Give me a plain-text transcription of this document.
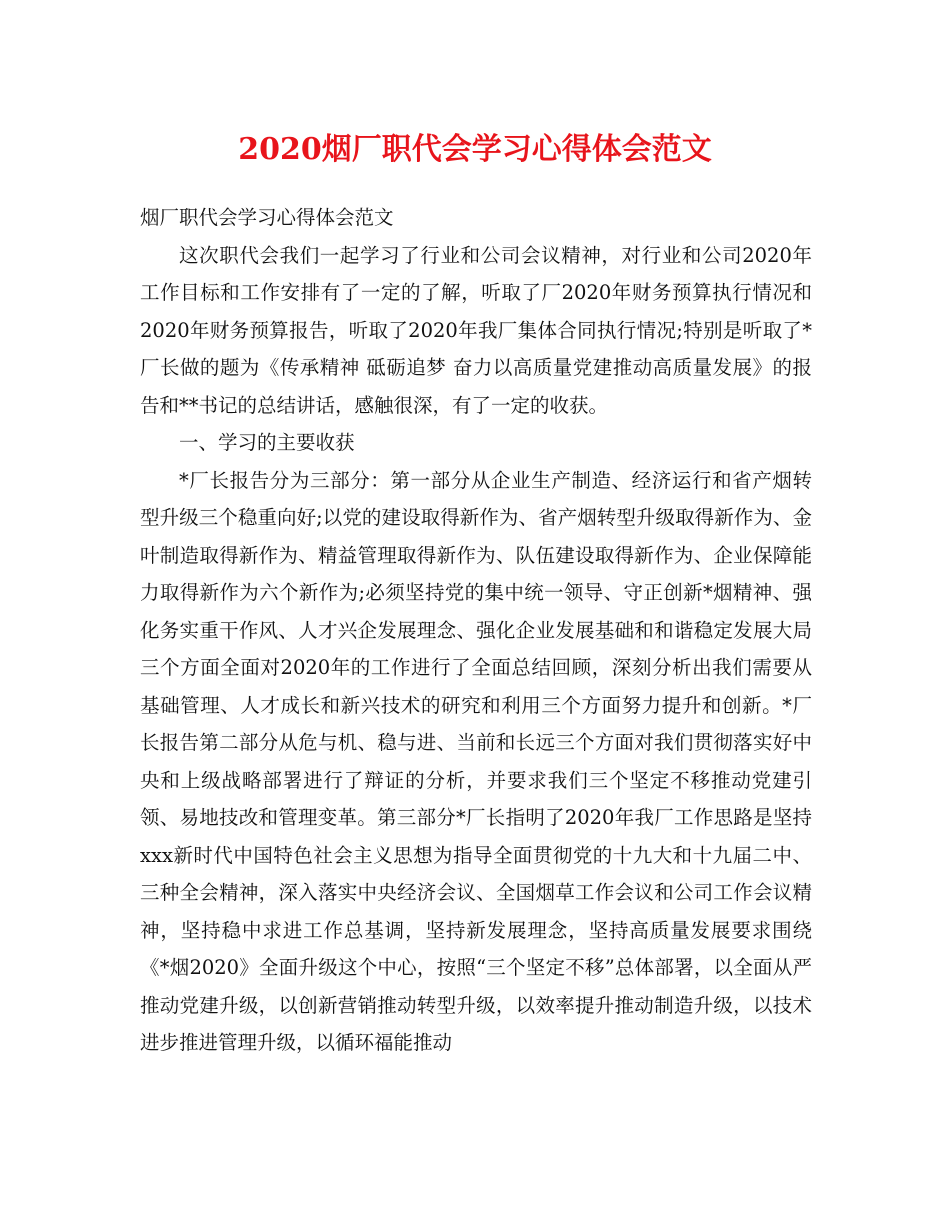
2020烟厂职代会学习心得体会范文

烟厂职代会学习心得体会范文

这次职代会我们一起学习了行业和公司会议精神，对行业和公司2020年工作目标和工作安排有了一定的了解，听取了厂2020年财务预算执行情况和2020年财务预算报告，听取了2020年我厂集体合同执行情况;特别是听取了*厂长做的题为《传承精神 砥砺追梦 奋力以高质量党建推动高质量发展》的报告和**书记的总结讲话，感触很深，有了一定的收获。

一、学习的主要收获

*厂长报告分为三部分：第一部分从企业生产制造、经济运行和省产烟转型升级三个稳重向好;以党的建设取得新作为、省产烟转型升级取得新作为、金叶制造取得新作为、精益管理取得新作为、队伍建设取得新作为、企业保障能力取得新作为六个新作为;必须坚持党的集中统一领导、守正创新*烟精神、强化务实重干作风、人才兴企发展理念、强化企业发展基础和和谐稳定发展大局三个方面全面对2020年的工作进行了全面总结回顾，深刻分析出我们需要从基础管理、人才成长和新兴技术的研究和利用三个方面努力提升和创新。*厂长报告第二部分从危与机、稳与进、当前和长远三个方面对我们贯彻落实好中央和上级战略部署进行了辩证的分析，并要求我们三个坚定不移推动党建引领、易地技改和管理变革。第三部分*厂长指明了2020年我厂工作思路是坚持xxx新时代中国特色社会主义思想为指导全面贯彻党的十九大和十九届二中、三种全会精神，深入落实中央经济会议、全国烟草工作会议和公司工作会议精神，坚持稳中求进工作总基调，坚持新发展理念，坚持高质量发展要求围绕《*烟2020》全面升级这个中心，按照“三个坚定不移”总体部署，以全面从严推动党建升级，以创新营销推动转型升级，以效率提升推动制造升级，以技术进步推进管理升级，以循环福能推动
